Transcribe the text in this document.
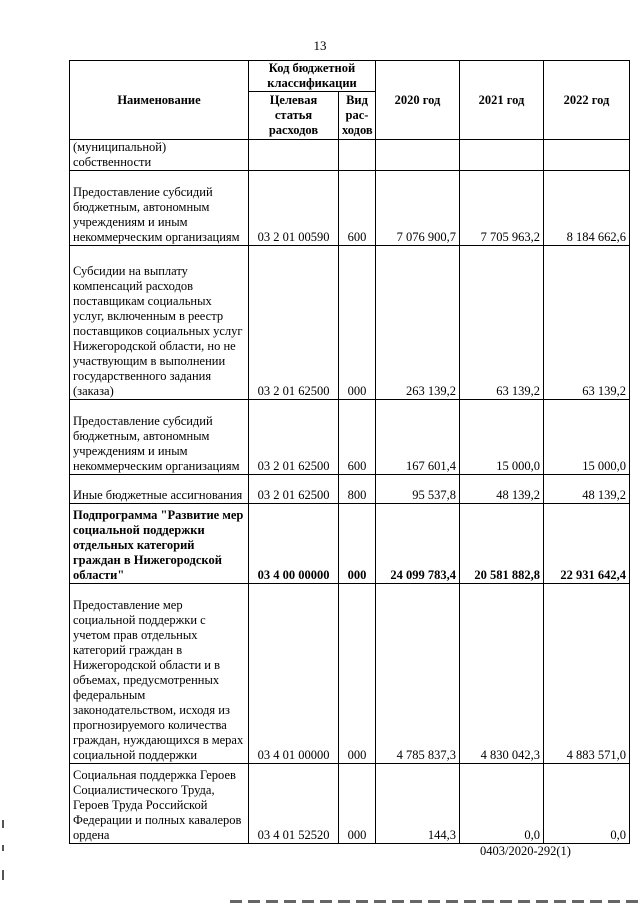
13
Наименование	Код бюджетной классификации		2020 год	2021 год	2022 год
	Целевая статья расходов	Вид рас-ходов			
(муниципальной) собственности					
Предоставление субсидий бюджетным, автономным учреждениям и иным некоммерческим организациям	03 2 01 00590	600	7 076 900,7	7 705 963,2	8 184 662,6
Субсидии на выплату компенсаций расходов поставщикам социальных услуг, включенным в реестр поставщиков социальных услуг Нижегородской области, но не участвующим в выполнении государственного задания (заказа)	03 2 01 62500	000	263 139,2	63 139,2	63 139,2
Предоставление субсидий бюджетным, автономным учреждениям и иным некоммерческим организациям	03 2 01 62500	600	167 601,4	15 000,0	15 000,0
Иные бюджетные ассигнования	03 2 01 62500	800	95 537,8	48 139,2	48 139,2
Подпрограмма "Развитие мер социальной поддержки отдельных категорий граждан в Нижегородской области"	03 4 00 00000	000	24 099 783,4	20 581 882,8	22 931 642,4
Предоставление мер социальной поддержки с учетом прав отдельных категорий граждан в Нижегородской области и в объемах, предусмотренных федеральным законодательством, исходя из прогнозируемого количества граждан, нуждающихся в мерах социальной поддержки	03 4 01 00000	000	4 785 837,3	4 830 042,3	4 883 571,0
Социальная поддержка Героев Социалистического Труда, Героев Труда Российской Федерации и полных кавалеров ордена	03 4 01 52520	000	144,3	0,0	0,0
0403/2020-292(1)
